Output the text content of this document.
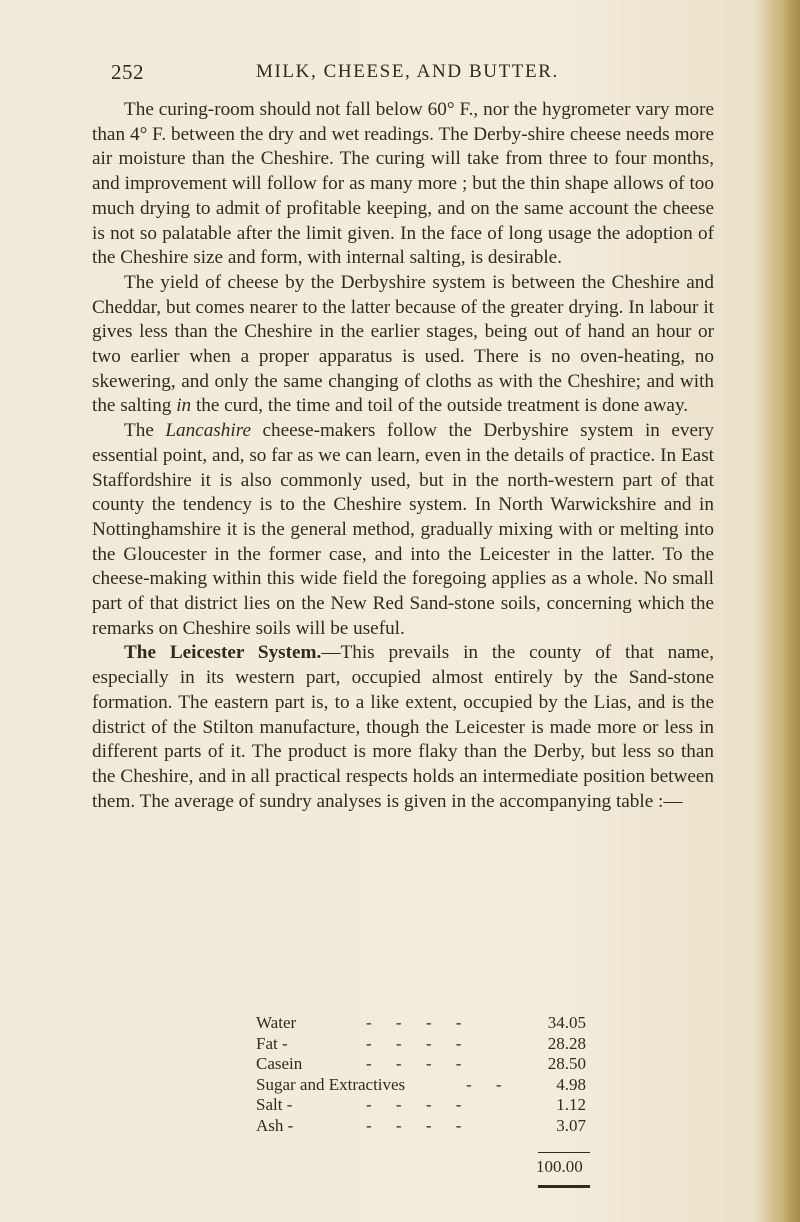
252	MILK, CHEESE, AND BUTTER.

The curing-room should not fall below 60° F., nor the hygrometer vary more than 4° F. between the dry and wet readings. The Derby-shire cheese needs more air moisture than the Cheshire. The curing will take from three to four months, and improvement will follow for as many more ; but the thin shape allows of too much drying to admit of profitable keeping, and on the same account the cheese is not so palatable after the limit given. In the face of long usage the adoption of the Cheshire size and form, with internal salting, is desirable.

The yield of cheese by the Derbyshire system is between the Cheshire and Cheddar, but comes nearer to the latter because of the greater drying. In labour it gives less than the Cheshire in the earlier stages, being out of hand an hour or two earlier when a proper apparatus is used. There is no oven-heating, no skewering, and only the same changing of cloths as with the Cheshire; and with the salting in the curd, the time and toil of the outside treatment is done away.

The Lancashire cheese-makers follow the Derbyshire system in every essential point, and, so far as we can learn, even in the details of practice. In East Staffordshire it is also commonly used, but in the north-western part of that county the tendency is to the Cheshire system. In North Warwickshire and in Nottinghamshire it is the general method, gradually mixing with or melting into the Gloucester in the former case, and into the Leicester in the latter. To the cheese-making within this wide field the foregoing applies as a whole. No small part of that district lies on the New Red Sand-stone soils, concerning which the remarks on Cheshire soils will be useful.

The Leicester System.—This prevails in the county of that name, especially in its western part, occupied almost entirely by the Sand-stone formation. The eastern part is, to a like extent, occupied by the Lias, and is the district of the Stilton manufacture, though the Leicester is made more or less in different parts of it. The product is more flaky than the Derby, but less so than the Cheshire, and in all practical respects holds an intermediate position between them. The average of sundry analyses is given in the accompanying table :—

Water	- - - -	34.05
Fat -	- - - -	28.28
Casein	- - - -	28.50
Sugar and Extractives	- -	4.98
Salt -	- - - -	1.12
Ash -	- - - -	3.07
100.00
